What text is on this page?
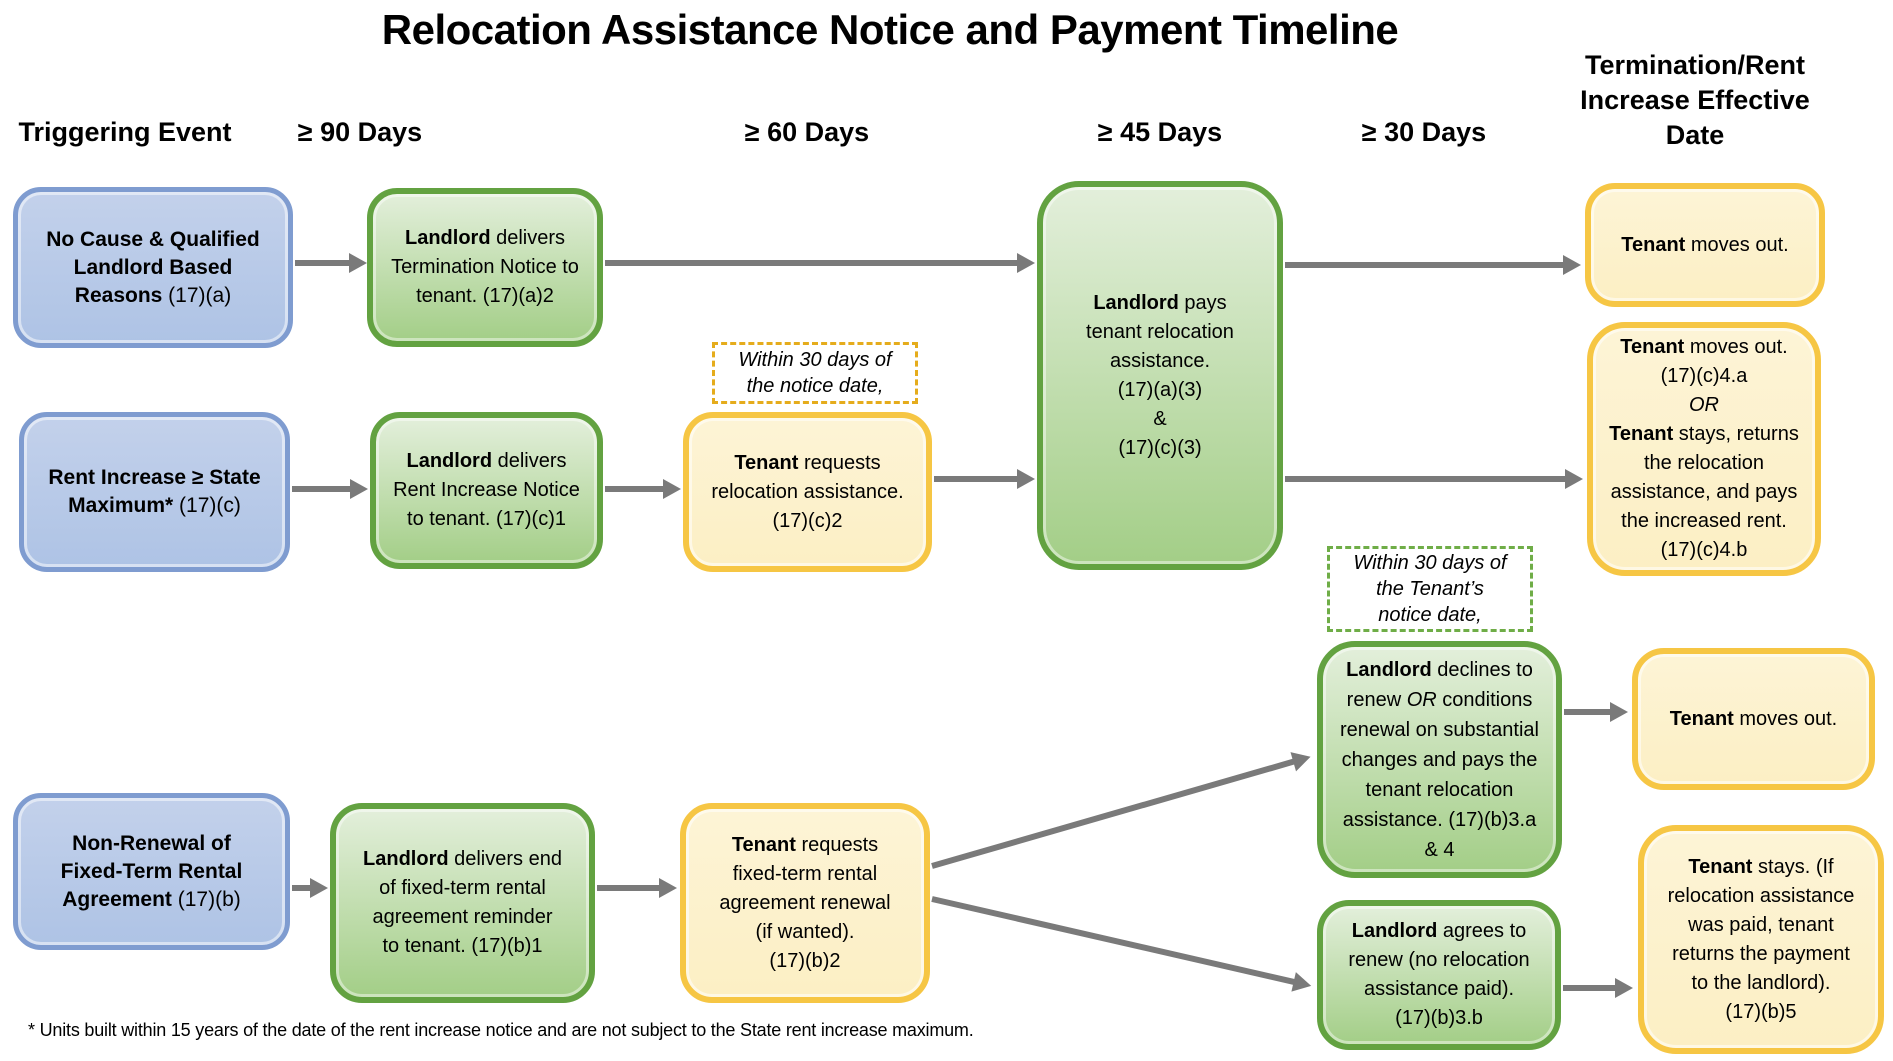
Relocation Assistance Notice and Payment Timeline
* Units built within 15 years of the date of the rent increase notice and are not subject to the State rent increase maximum.
Triggering Event	≥ 90 Days	≥ 60 Days	≥ 45 Days	≥ 30 Days
Termination/Rent
Increase Effective
Date
No Cause & Qualified
Landlord Based
Reasons (17)(a)
Landlord delivers
Termination Notice to
tenant. (17)(a)2	Landlord pays
tenant relocation
assistance.
(17)(a)(3)
&
(17)(c)(3)
Tenant moves out.
Rent Increase ≥ State
Maximum* (17)(c)
Landlord delivers
Rent Increase Notice
to tenant. (17)(c)1
Within 30 days of
the notice date,
Tenant requests
relocation assistance.
(17)(c)2
Tenant moves out.
(17)(c)4.a
OR
Tenant stays, returns
the relocation
assistance, and pays
the increased rent.
(17)(c)4.b
Within 30 days of
the Tenant’s
notice date,
Non-Renewal of
Fixed-Term Rental
Agreement (17)(b)
Landlord delivers end
of fixed-term rental
agreement reminder
to tenant. (17)(b)1
Tenant requests
fixed-term rental
agreement renewal
(if wanted).
(17)(b)2
Landlord declines to
renew OR conditions
renewal on substantial
changes and pays the
tenant relocation
assistance. (17)(b)3.a
& 4
Tenant moves out.
Landlord agrees to
renew (no relocation
assistance paid).
(17)(b)3.b
Tenant stays. (If
relocation assistance
was paid, tenant
returns the payment
to the landlord).
(17)(b)5
